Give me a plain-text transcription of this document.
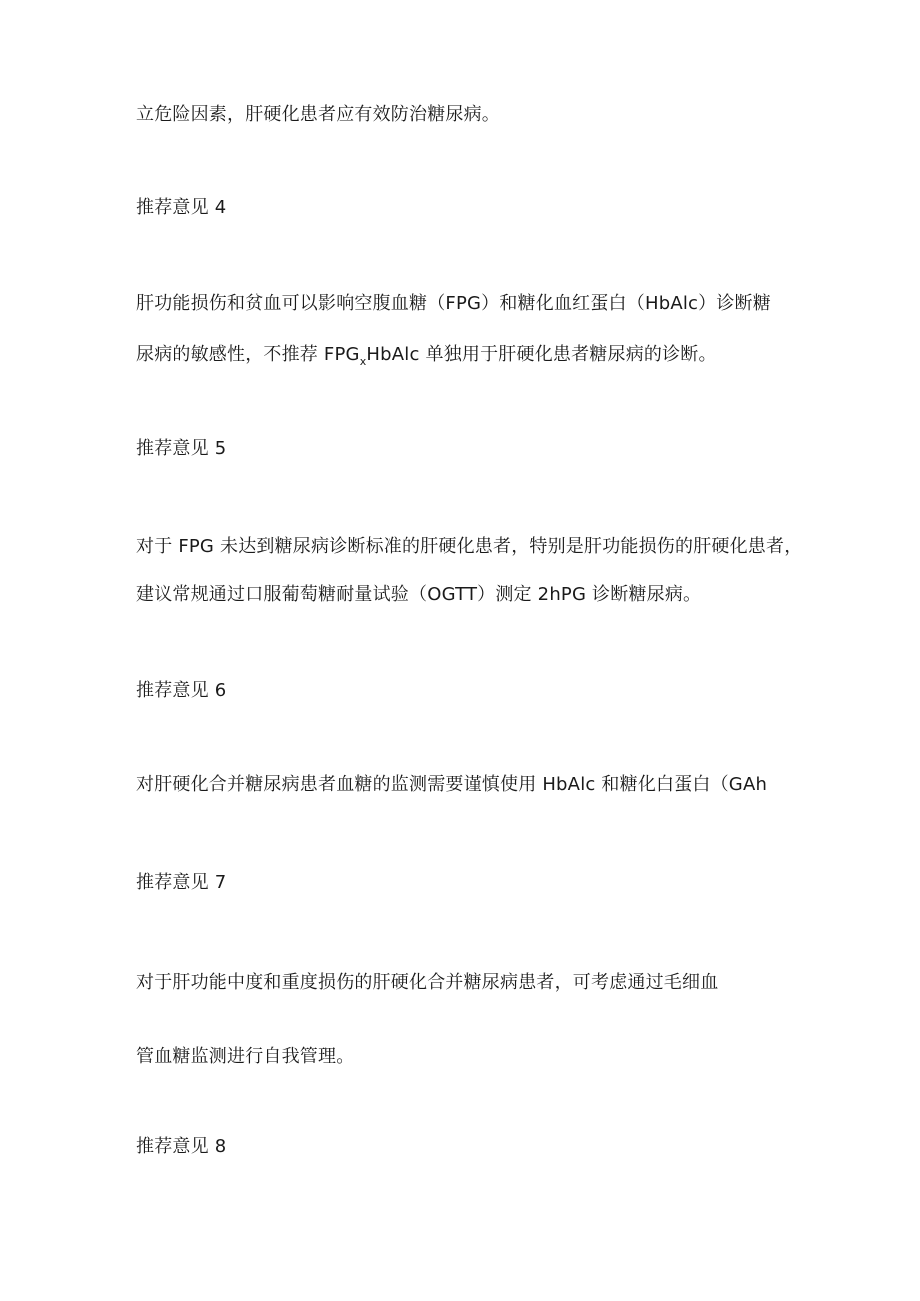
立危险因素，肝硬化患者应有效防治糖尿病。
推荐意见 4
肝功能损伤和贫血可以影响空腹血糖（FPG）和糖化血红蛋白（HbAlc）诊断糖
尿病的敏感性，不推荐 $FPG_xHbAlc$ 单独用于肝硬化患者糖尿病的诊断。
推荐意见 5
对于 FPG 未达到糖尿病诊断标准的肝硬化患者，特别是肝功能损伤的肝硬化患者，
建议常规通过口服葡萄糖耐量试验（OGTT）测定 2hPG 诊断糖尿病。
推荐意见 6
对肝硬化合并糖尿病患者血糖的监测需要谨慎使用 HbAlc 和糖化白蛋白（GAh
推荐意见 7
对于肝功能中度和重度损伤的肝硬化合并糖尿病患者，可考虑通过毛细血
管血糖监测进行自我管理。
推荐意见 8
